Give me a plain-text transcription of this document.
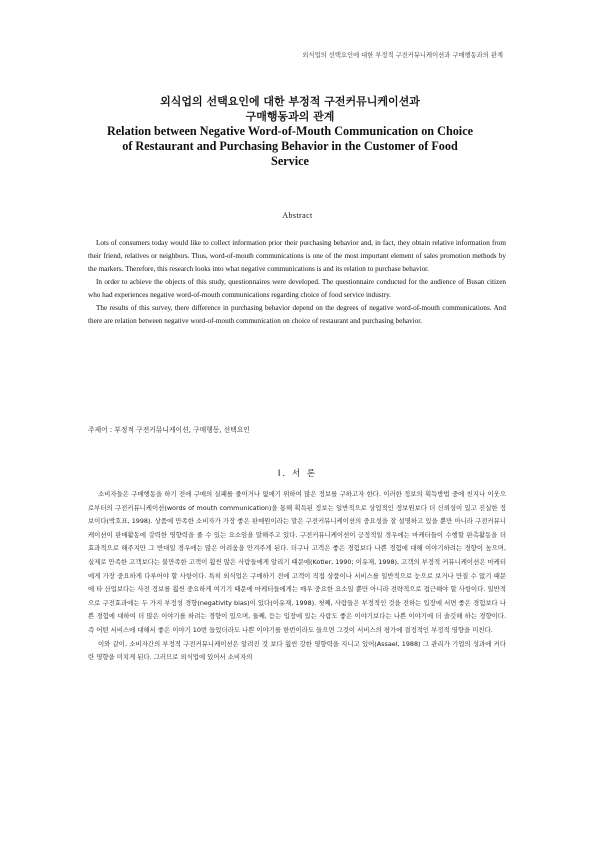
외식업의 선택요인에 대한 부정적 구전커뮤니케이션과 구매행동과의 관계

외식업의 선택요인에 대한 부정적 구전커뮤니케이션과

구매행동과의 관계

Relation between Negative Word-of-Mouth Communication on Choice

of Restaurant and Purchasing Behavior in the Customer of Food

Service

Abstract

Lots of consumers today would like to collect information prior their purchasing behavior and, in fact, they obtain relative information from their friend, relatives or neighbors. Thus, word-of-mouth communications is one of the most important element of sales promotion methods by the markers. Therefore, this research looks into what negative communications is and its relation to purchase behavior.

In order to achieve the objects of this study, questionnaires were developed. The questionnaire conducted for the audience of Busan citizen who had experiences negative word-of-mouth communications regarding choice of food service industry.

The results of this survey, there difference in purchasing behavior depend on the degrees of negative word-of-mouth communications. And there are relation between negative word-of-mouth communication on choice of restaurant and purchasing behavior.

주제어 : 부정적 구전커뮤니케이션, 구매행동, 선택요인
Ⅰ. 서 론

소비자들은 구매행동을 하기 전에 구매의 실패를 줄이거나 없애기 위하여 많은 정보를 구하고자 한다. 이러한 정보의 획득방법 중에 친지나 이웃으로부터의 구전커뮤니케이션(words of mouth communication)을 통해 획득된 정보는 일반적으로 상업적인 정보원보다 더 신뢰성이 있고 진실한 정보이다(박호표, 1998). 상품에 만족한 소비자가 가장 좋은 판매원이라는 말은 구전커뮤니케이션의 중요성을 잘 설명하고 있을 뿐만 아니라 구전커뮤니케이션이 판매활동에 강력한 영향력을 줄 수 있는 요소임을 말해주고 있다. 구전커뮤니케이션이 긍정적일 경우에는 마케터들이 수행할 판촉활동을 더 효과적으로 해주지만 그 반대일 경우에는 많은 어려움을 안겨주게 된다. 더구나 고객은 좋은 경험보다 나쁜 경험에 대해 이야기하려는 경향이 높으며, 실제로 만족한 고객보다는 불만족한 고객이 훨씬 많은 사람들에게 알리기 때문에(Kotler, 1990; 이유재, 1998), 고객의 부정적 커뮤니케이션은 마케터에게 가장 중요하게 다루어야 할 사항이다. 특히 외식업은 구매하기 전에 고객이 직접 상품이나 서비스를 일반적으로 눈으로 보거나 만질 수 없기 때문에 타 산업보다는 사전 정보를 훨씬 중요하게 여기기 때문에 마케터들에게는 매우 중요한 요소일 뿐만 아니라 전략적으로 접근해야 할 사항이다. 일반적으로 구전효과에는 두 가지 부정성 경향(negativity bias)이 있다(이유재, 1998). 첫째, 사람들은 부정적인 것을 전하는 입장에 서면 좋은 경험보다 나쁜 경험에 대하여 더 많은 이야기를 하려는 경향이 있으며, 둘째, 듣는 입장에 있는 사람도 좋은 이야기보다는 나쁜 이야기에 더 솔깃해 하는 경향이다. 즉 어떤 서비스에 대해서 좋은 이야기 10번 들었더라도 나쁜 이야기를 한번이라도 들으면 그것이 서비스의 평가에 결정적인 부정적 영향을 미친다.

이와 같이, 소비자간의 부정적 구전커뮤니케이션은 알려진 것 보다 훨씬 강한 영향력을 지니고 있어(Assael, 1988) 그 관리가 기업의 성과에 커다란 영향을 미치게 된다. 그러므로 외식업에 있어서 소비자의
